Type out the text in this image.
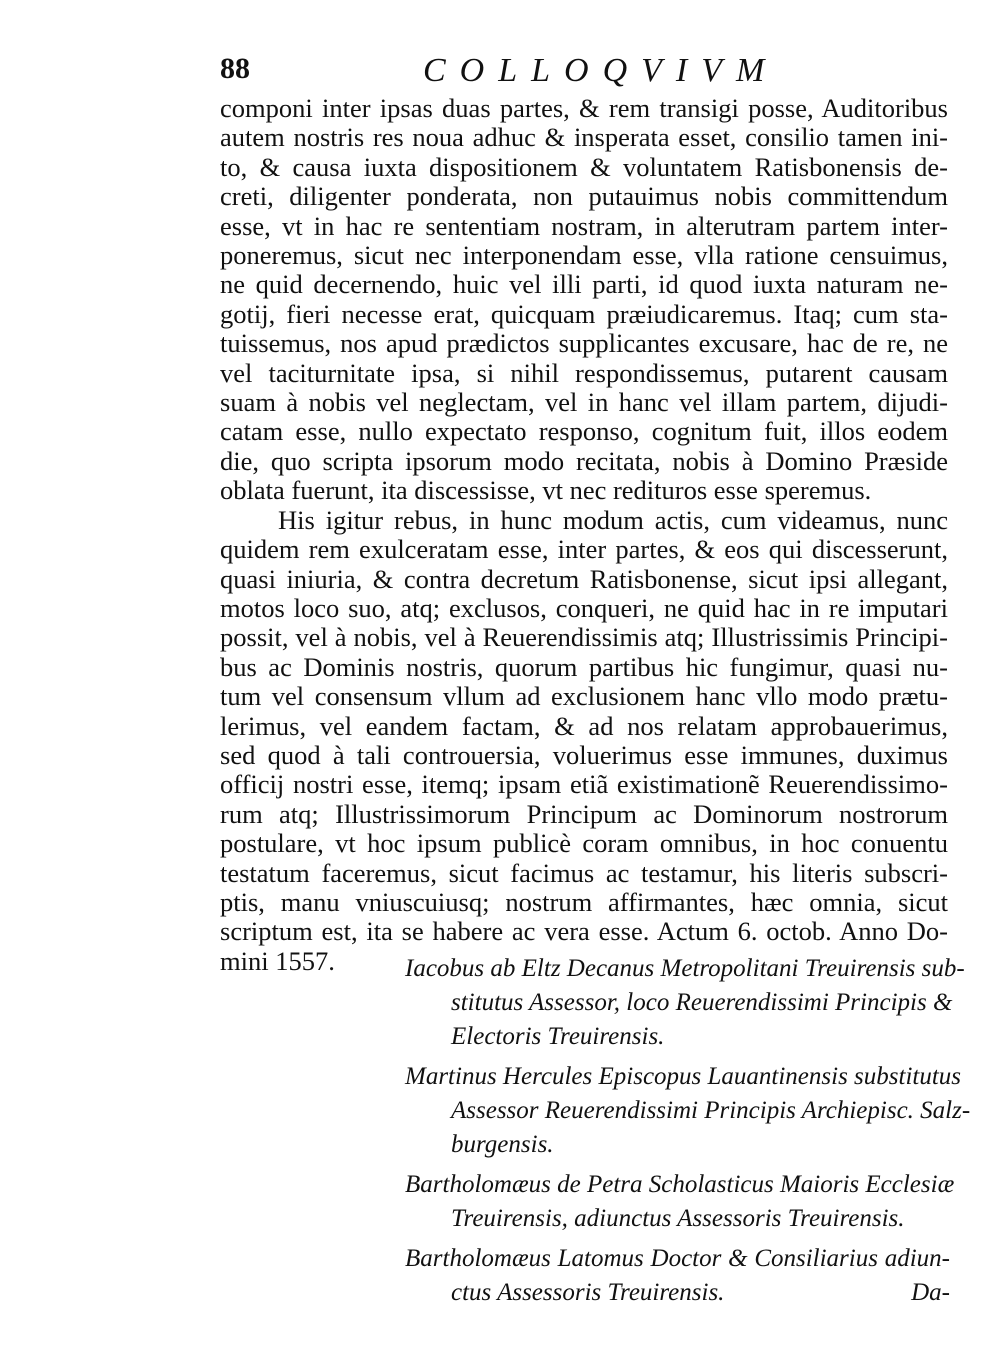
88	COLLOQVIVM
componi inter ipsas duas partes, & rem transigi posse, Auditoribus
autem nostris res noua adhuc & insperata esset, consilio tamen ini-
to, & causa iuxta dispositionem & voluntatem Ratisbonensis de-
creti, diligenter ponderata, non putauimus nobis committendum
esse, vt in hac re sententiam nostram, in alterutram partem inter-
poneremus, sicut nec interponendam esse, vlla ratione censuimus,
ne quid decernendo, huic vel illi parti, id quod iuxta naturam ne-
gotij, fieri necesse erat, quicquam præiudicaremus. Itaq; cum sta-
tuissemus, nos apud prædictos supplicantes excusare, hac de re, ne
vel taciturnitate ipsa, si nihil respondissemus, putarent causam
suam à nobis vel neglectam, vel in hanc vel illam partem, dijudi-
catam esse, nullo expectato responso, cognitum fuit, illos eodem
die, quo scripta ipsorum modo recitata, nobis à Domino Præside
oblata fuerunt, ita discessisse, vt nec redituros esse speremus.
His igitur rebus, in hunc modum actis, cum videamus, nunc
quidem rem exulceratam esse, inter partes, & eos qui discesserunt,
quasi iniuria, & contra decretum Ratisbonense, sicut ipsi allegant,
motos loco suo, atq; exclusos, conqueri, ne quid hac in re imputari
possit, vel à nobis, vel à Reuerendissimis atq; Illustrissimis Principi-
bus ac Dominis nostris, quorum partibus hic fungimur, quasi nu-
tum vel consensum vllum ad exclusionem hanc vllo modo prætu-
lerimus, vel eandem factam, & ad nos relatam approbauerimus,
sed quod à tali controuersia, voluerimus esse immunes, duximus
officij nostri esse, itemq; ipsam etiã existimationẽ Reuerendissimo-
rum atq; Illustrissimorum Principum ac Dominorum nostrorum
postulare, vt hoc ipsum publicè coram omnibus, in hoc conuentu
testatum faceremus, sicut facimus ac testamur, his literis subscri-
ptis, manu vniuscuiusq; nostrum affirmantes, hæc omnia, sicut
scriptum est, ita se habere ac vera esse. Actum 6. octob. Anno Do-
mini 1557.	Iacobus ab Eltz Decanus Metropolitani Treuirensis sub-
stitutus Assessor, loco Reuerendissimi Principis &
Electoris Treuirensis.
Martinus Hercules Episcopus Lauantinensis substitutus
Assessor Reuerendissimi Principis Archiepisc. Salz-
burgensis.
Bartholomæus de Petra Scholasticus Maioris Ecclesiæ
Treuirensis, adiunctus Assessoris Treuirensis.
Bartholomæus Latomus Doctor & Consiliarius adiun-
ctus Assessoris Treuirensis.	Da-
